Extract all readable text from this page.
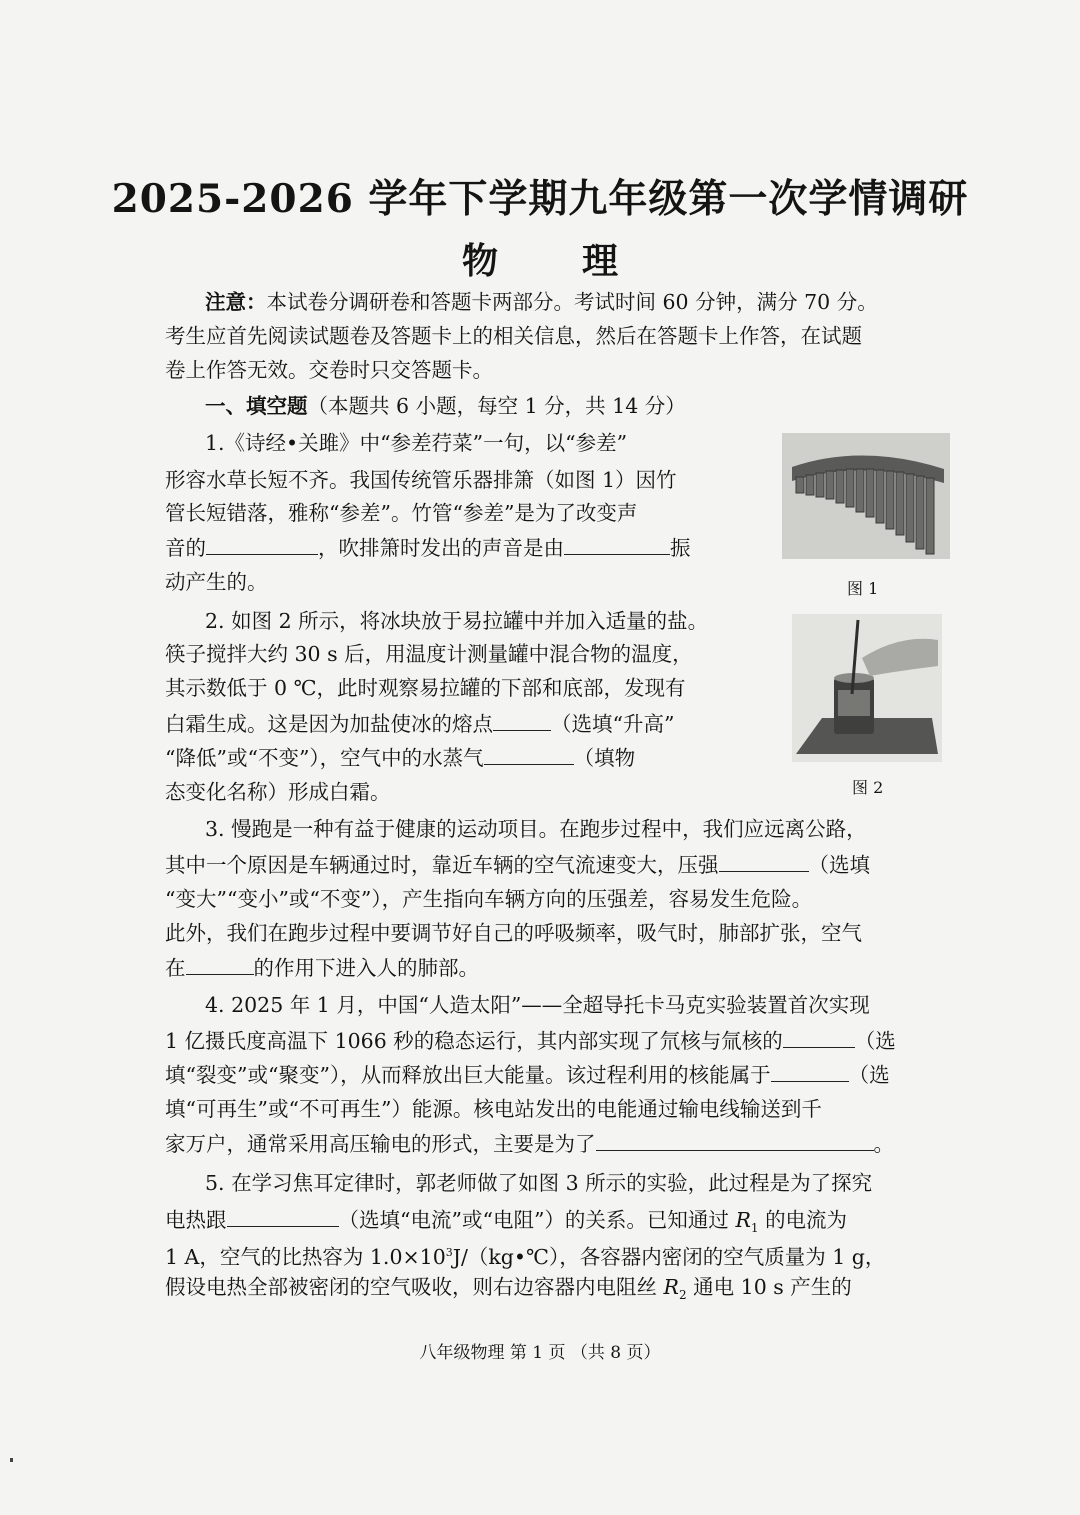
2025-2026 学年下学期九年级第一次学情调研
物 理
注意：本试卷分调研卷和答题卡两部分。考试时间 60 分钟，满分 70 分。
考生应首先阅读试题卷及答题卡上的相关信息，然后在答题卡上作答，在试题
卷上作答无效。交卷时只交答题卡。
一、填空题（本题共 6 小题，每空 1 分，共 14 分）
1.《诗经•关雎》中“参差荇菜”一句，以“参差”
形容水草长短不齐。我国传统管乐器排箫（如图 1）因竹
管长短错落，雅称“参差”。竹管“参差”是为了改变声
音的	，吹排箫时发出的声音是由	振
动产生的。	图 1
2. 如图 2 所示，将冰块放于易拉罐中并加入适量的盐。
筷子搅拌大约 30 s 后，用温度计测量罐中混合物的温度，
其示数低于 0 ℃，此时观察易拉罐的下部和底部，发现有
白霜生成。这是因为加盐使冰的熔点	（选填“升高”
“降低”或“不变”），空气中的水蒸气	（填物
态变化名称）形成白霜。	图 2
3. 慢跑是一种有益于健康的运动项目。在跑步过程中，我们应远离公路，
其中一个原因是车辆通过时，靠近车辆的空气流速变大，压强	（选填
“变大”“变小”或“不变”），产生指向车辆方向的压强差，容易发生危险。
此外，我们在跑步过程中要调节好自己的呼吸频率，吸气时，肺部扩张，空气
在	的作用下进入人的肺部。
4. 2025 年 1 月，中国“人造太阳”——全超导托卡马克实验装置首次实现
1 亿摄氏度高温下 1066 秒的稳态运行，其内部实现了氘核与氚核的	（选
填“裂变”或“聚变”），从而释放出巨大能量。该过程利用的核能属于	（选
填“可再生”或“不可再生”）能源。核电站发出的电能通过输电线输送到千
家万户，通常采用高压输电的形式，主要是为了	。
5. 在学习焦耳定律时，郭老师做了如图 3 所示的实验，此过程是为了探究
电热跟	（选填“电流”或“电阻”）的关系。已知通过 $R_1$ 的电流为
1 A，空气的比热容为 $1.0\times 10^3J/(kg•℃)$，各容器内密闭的空气质量为 1 g，
假设电热全部被密闭的空气吸收，则右边容器内电阻丝 $R_2$ 通电 10 s 产生的
八年级物理 第 1 页 （共 8 页）
